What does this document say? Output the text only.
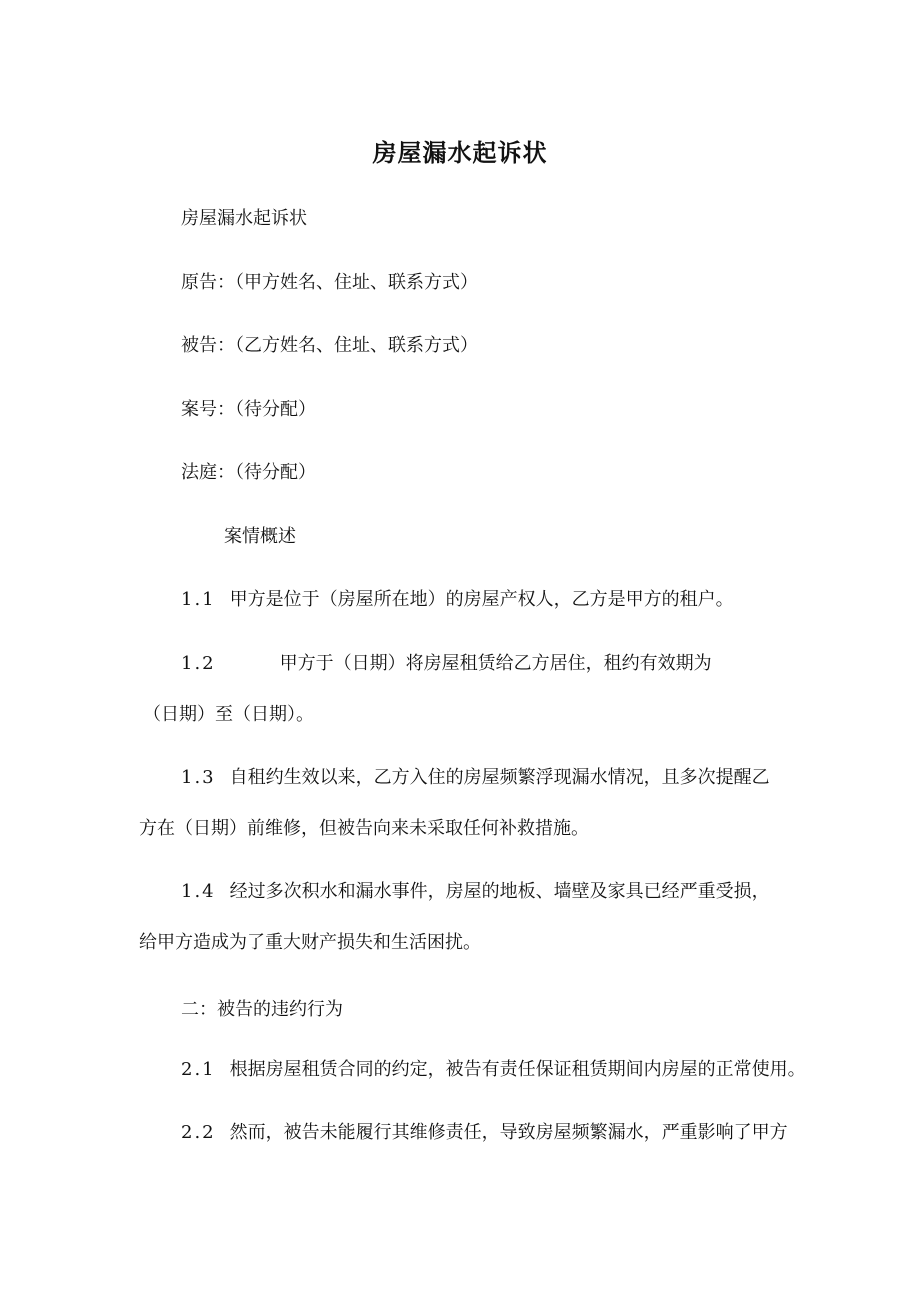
房屋漏水起诉状
房屋漏水起诉状
原告：（甲方姓名、住址、联系方式）
被告：（乙方姓名、住址、联系方式）
案号：（待分配）
法庭：（待分配）
案情概述
1.1 甲方是位于（房屋所在地）的房屋产权人，乙方是甲方的租户。
1.2	甲方于（日期）将房屋租赁给乙方居住，租约有效期为
（日期）至（日期）。
1.3 自租约生效以来，乙方入住的房屋频繁浮现漏水情况，且多次提醒乙
方在（日期）前维修，但被告向来未采取任何补救措施。
1.4 经过多次积水和漏水事件，房屋的地板、墙壁及家具已经严重受损，
给甲方造成为了重大财产损失和生活困扰。
二：被告的违约行为
2.1 根据房屋租赁合同的约定，被告有责任保证租赁期间内房屋的正常使用。
2.2 然而，被告未能履行其维修责任，导致房屋频繁漏水，严重影响了甲方
